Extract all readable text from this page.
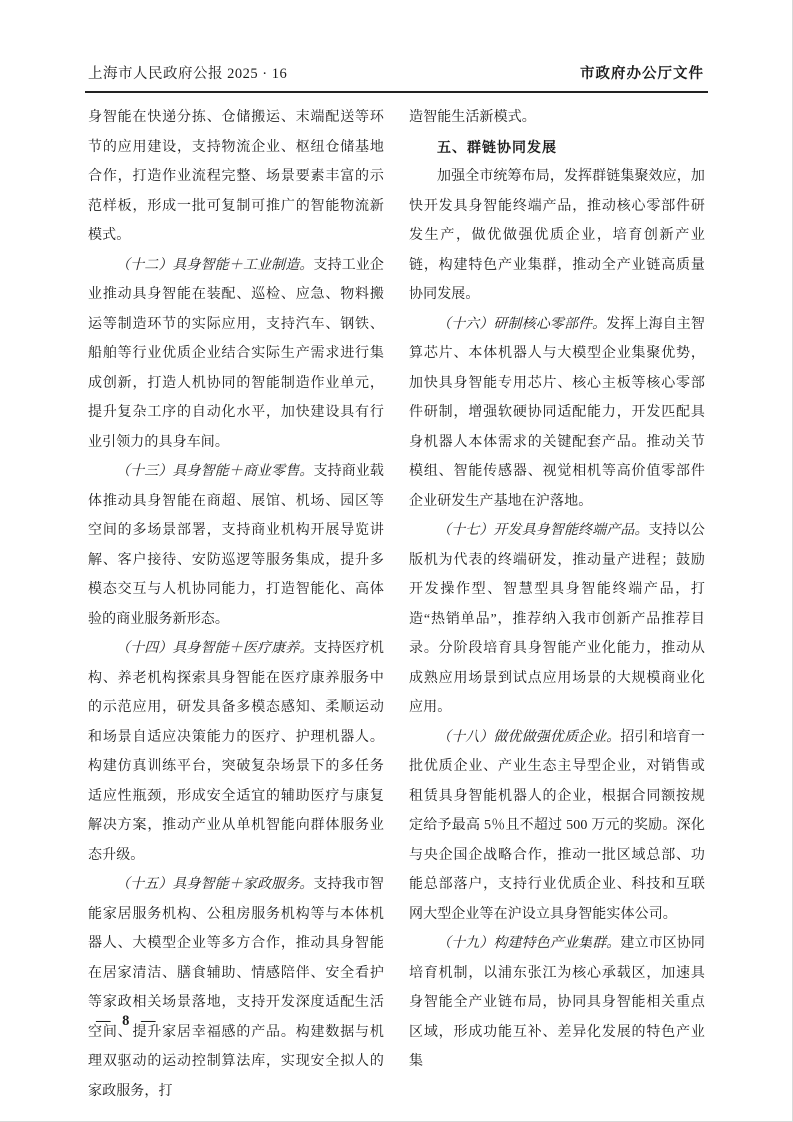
上海市人民政府公报 2025 · 16	市政府办公厅文件

身智能在快递分拣、仓储搬运、末端配送等环节的应用建设，支持物流企业、枢纽仓储基地合作，打造作业流程完整、场景要素丰富的示范样板，形成一批可复制可推广的智能物流新模式。

（十二）具身智能＋工业制造。支持工业企业推动具身智能在装配、巡检、应急、物料搬运等制造环节的实际应用，支持汽车、钢铁、船舶等行业优质企业结合实际生产需求进行集成创新，打造人机协同的智能制造作业单元，提升复杂工序的自动化水平，加快建设具有行业引领力的具身车间。

（十三）具身智能＋商业零售。支持商业载体推动具身智能在商超、展馆、机场、园区等空间的多场景部署，支持商业机构开展导览讲解、客户接待、安防巡逻等服务集成，提升多模态交互与人机协同能力，打造智能化、高体验的商业服务新形态。

（十四）具身智能＋医疗康养。支持医疗机构、养老机构探索具身智能在医疗康养服务中的示范应用，研发具备多模态感知、柔顺运动和场景自适应决策能力的医疗、护理机器人。构建仿真训练平台，突破复杂场景下的多任务适应性瓶颈，形成安全适宜的辅助医疗与康复解决方案，推动产业从单机智能向群体服务业态升级。

（十五）具身智能＋家政服务。支持我市智能家居服务机构、公租房服务机构等与本体机器人、大模型企业等多方合作，推动具身智能在居家清洁、膳食辅助、情感陪伴、安全看护等家政相关场景落地，支持开发深度适配生活空间、提升家居幸福感的产品。构建数据与机理双驱动的运动控制算法库，实现安全拟人的家政服务，打

造智能生活新模式。

五、群链协同发展

加强全市统筹布局，发挥群链集聚效应，加快开发具身智能终端产品，推动核心零部件研发生产，做优做强优质企业，培育创新产业链，构建特色产业集群，推动全产业链高质量协同发展。

（十六）研制核心零部件。发挥上海自主智算芯片、本体机器人与大模型企业集聚优势，加快具身智能专用芯片、核心主板等核心零部件研制，增强软硬协同适配能力，开发匹配具身机器人本体需求的关键配套产品。推动关节模组、智能传感器、视觉相机等高价值零部件企业研发生产基地在沪落地。

（十七）开发具身智能终端产品。支持以公版机为代表的终端研发，推动量产进程；鼓励开发操作型、智慧型具身智能终端产品，打造“热销单品”，推荐纳入我市创新产品推荐目录。分阶段培育具身智能产业化能力，推动从成熟应用场景到试点应用场景的大规模商业化应用。

（十八）做优做强优质企业。招引和培育一批优质企业、产业生态主导型企业，对销售或租赁具身智能机器人的企业，根据合同额按规定给予最高 5％且不超过 500 万元的奖励。深化与央企国企战略合作，推动一批区域总部、功能总部落户，支持行业优质企业、科技和互联网大型企业等在沪设立具身智能实体公司。

（十九）构建特色产业集群。建立市区协同培育机制，以浦东张江为核心承载区，加速具身智能全产业链布局，协同具身智能相关重点区域，形成功能互补、差异化发展的特色产业集

— 8 —
